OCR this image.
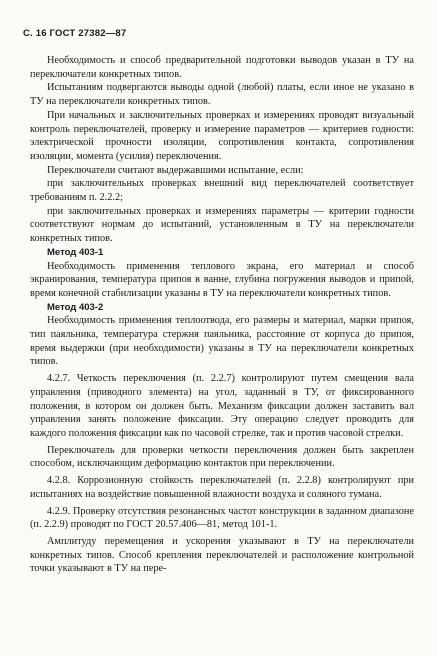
С. 16 ГОСТ 27382—87

Необходимость и способ предварительной подготовки выводов указан в ТУ на переключатели конкретных типов.

Испытаниям подвергаются выводы одной (любой) платы, если иное не указано в ТУ на переключатели конкретных типов.

При начальных и заключительных проверках и измерениях проводят визуальный контроль переключателей, проверку и измерение параметров — критериев годности: электрической прочности изоляции, сопротивления контакта, сопротивления изоляции, момента (усилия) переключения.

Переключатели считают выдержавшими испытание, если:

при заключительных проверках внешний вид переключателей соответствует требованиям п. 2.2.2;

при заключительных проверках и измерениях параметры — критерии годности соответствуют нормам до испытаний, установленным в ТУ на переключатели конкретных типов.

Метод 403-1

Необходимость применения теплового экрана, его материал и способ экранирования, температура припоя в ванне, глубина погружения выводов и припой, время конечной стабилизации указаны в ТУ на переключатели конкретных типов.

Метод 403-2

Необходимость применения теплоотвода, его размеры и материал, марки припоя, тип паяльника, температура стержня паяльника, расстояние от корпуса до припоя, время выдержки (при необходимости) указаны в ТУ на переключатели конкретных типов.

4.2.7. Четкость переключения (п. 2.2.7) контролируют путем смещения вала управления (приводного элемента) на угол, заданный в ТУ, от фиксированного положения, в котором он должен быть. Механизм фиксации должен заставить вал управления занять положение фиксации. Эту операцию следует проводить для каждого положения фиксации как по часовой стрелке, так и против часовой стрелки.

Переключатель для проверки четкости переключения должен быть закреплен способом, исключающим деформацию контактов при переключении.

4.2.8. Коррозионную стойкость переключателей (п. 2.2.8) контролируют при испытаниях на воздействие повышенной влажности воздуха и соляного тумана.

4.2.9. Проверку отсутствия резонансных частот конструкции в заданном диапазоне (п. 2.2.9) проводят по ГОСТ 20.57.406—81, метод 101-1.

Амплитуду перемещения и ускорения указывают в ТУ на переключатели конкретных типов. Способ крепления переключателей и расположение контрольной точки указывают в ТУ на пере-
